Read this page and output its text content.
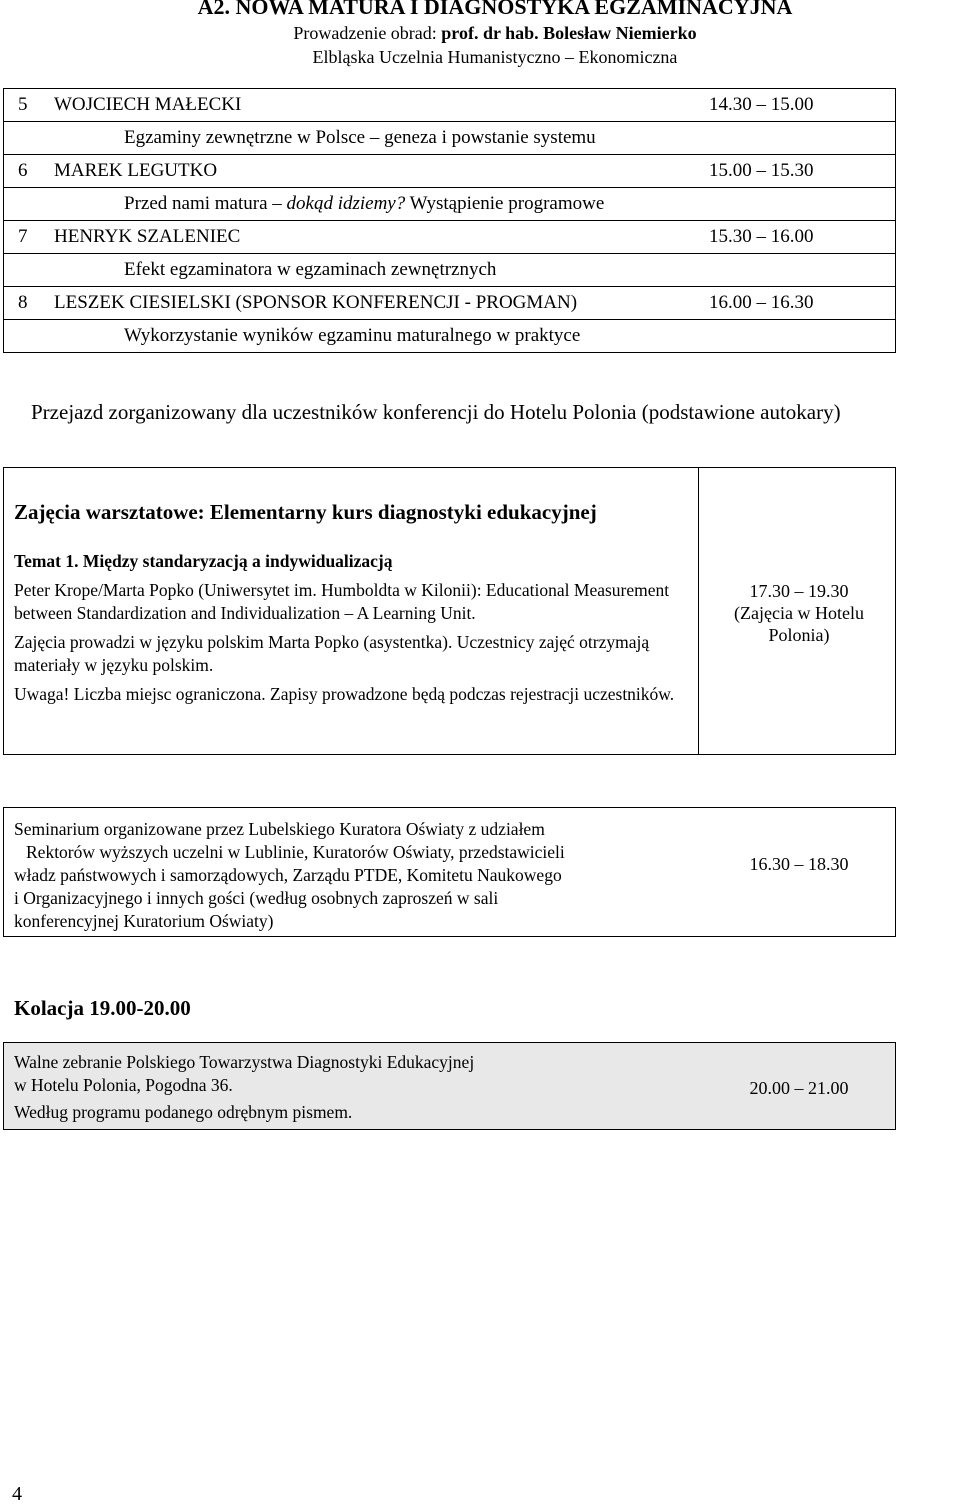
A2. NOWA MATURA I DIAGNOSTYKA EGZAMINACYJNA
Prowadzenie obrad: prof. dr hab. Bolesław Niemierko
Elbląska Uczelnia Humanistyczno – Ekonomiczna
5	WOJCIECH MAŁECKI	14.30 – 15.00
	Egzaminy zewnętrzne w Polsce – geneza i powstanie systemu	
6	MAREK LEGUTKO	15.00 – 15.30
	Przed nami matura – dokąd idziemy? Wystąpienie programowe	
7	HENRYK SZALENIEC	15.30 – 16.00
	Efekt egzaminatora w egzaminach zewnętrznych	
8	LESZEK CIESIELSKI (SPONSOR KONFERENCJI - PROGMAN)	16.00 – 16.30
	Wykorzystanie wyników egzaminu maturalnego w praktyce	
Przejazd zorganizowany dla uczestników konferencji do Hotelu Polonia (podstawione autokary)
Zajęcia warsztatowe: Elementarny kurs diagnostyki edukacyjnej

Temat 1. Między standaryzacją a indywidualizacją

Peter Krope/Marta Popko (Uniwersytet im. Humboldta w Kilonii): Educational Measurement between Standardization and Individualization – A Learning Unit.

Zajęcia prowadzi w języku polskim Marta Popko (asystentka). Uczestnicy zajęć otrzymają materiały w języku polskim.

Uwaga! Liczba miejsc ograniczona. Zapisy prowadzone będą podczas rejestracji uczestników.

17.30 – 19.30
(Zajęcia w Hotelu Polonia)
Seminarium organizowane przez Lubelskiego Kuratora Oświaty z udziałem
Rektorów wyższych uczelni w Lublinie, Kuratorów Oświaty, przedstawicieli
władz państwowych i samorządowych, Zarządu PTDE, Komitetu Naukowego
i Organizacyjnego i innych gości (według osobnych zaproszeń w sali
konferencyjnej Kuratorium Oświaty)
16.30 – 18.30
Kolacja 19.00-20.00
Walne zebranie Polskiego Towarzystwa Diagnostyki Edukacyjnej
w Hotelu Polonia, Pogodna 36.
Według programu podanego odrębnym pismem.
20.00 – 21.00
4
